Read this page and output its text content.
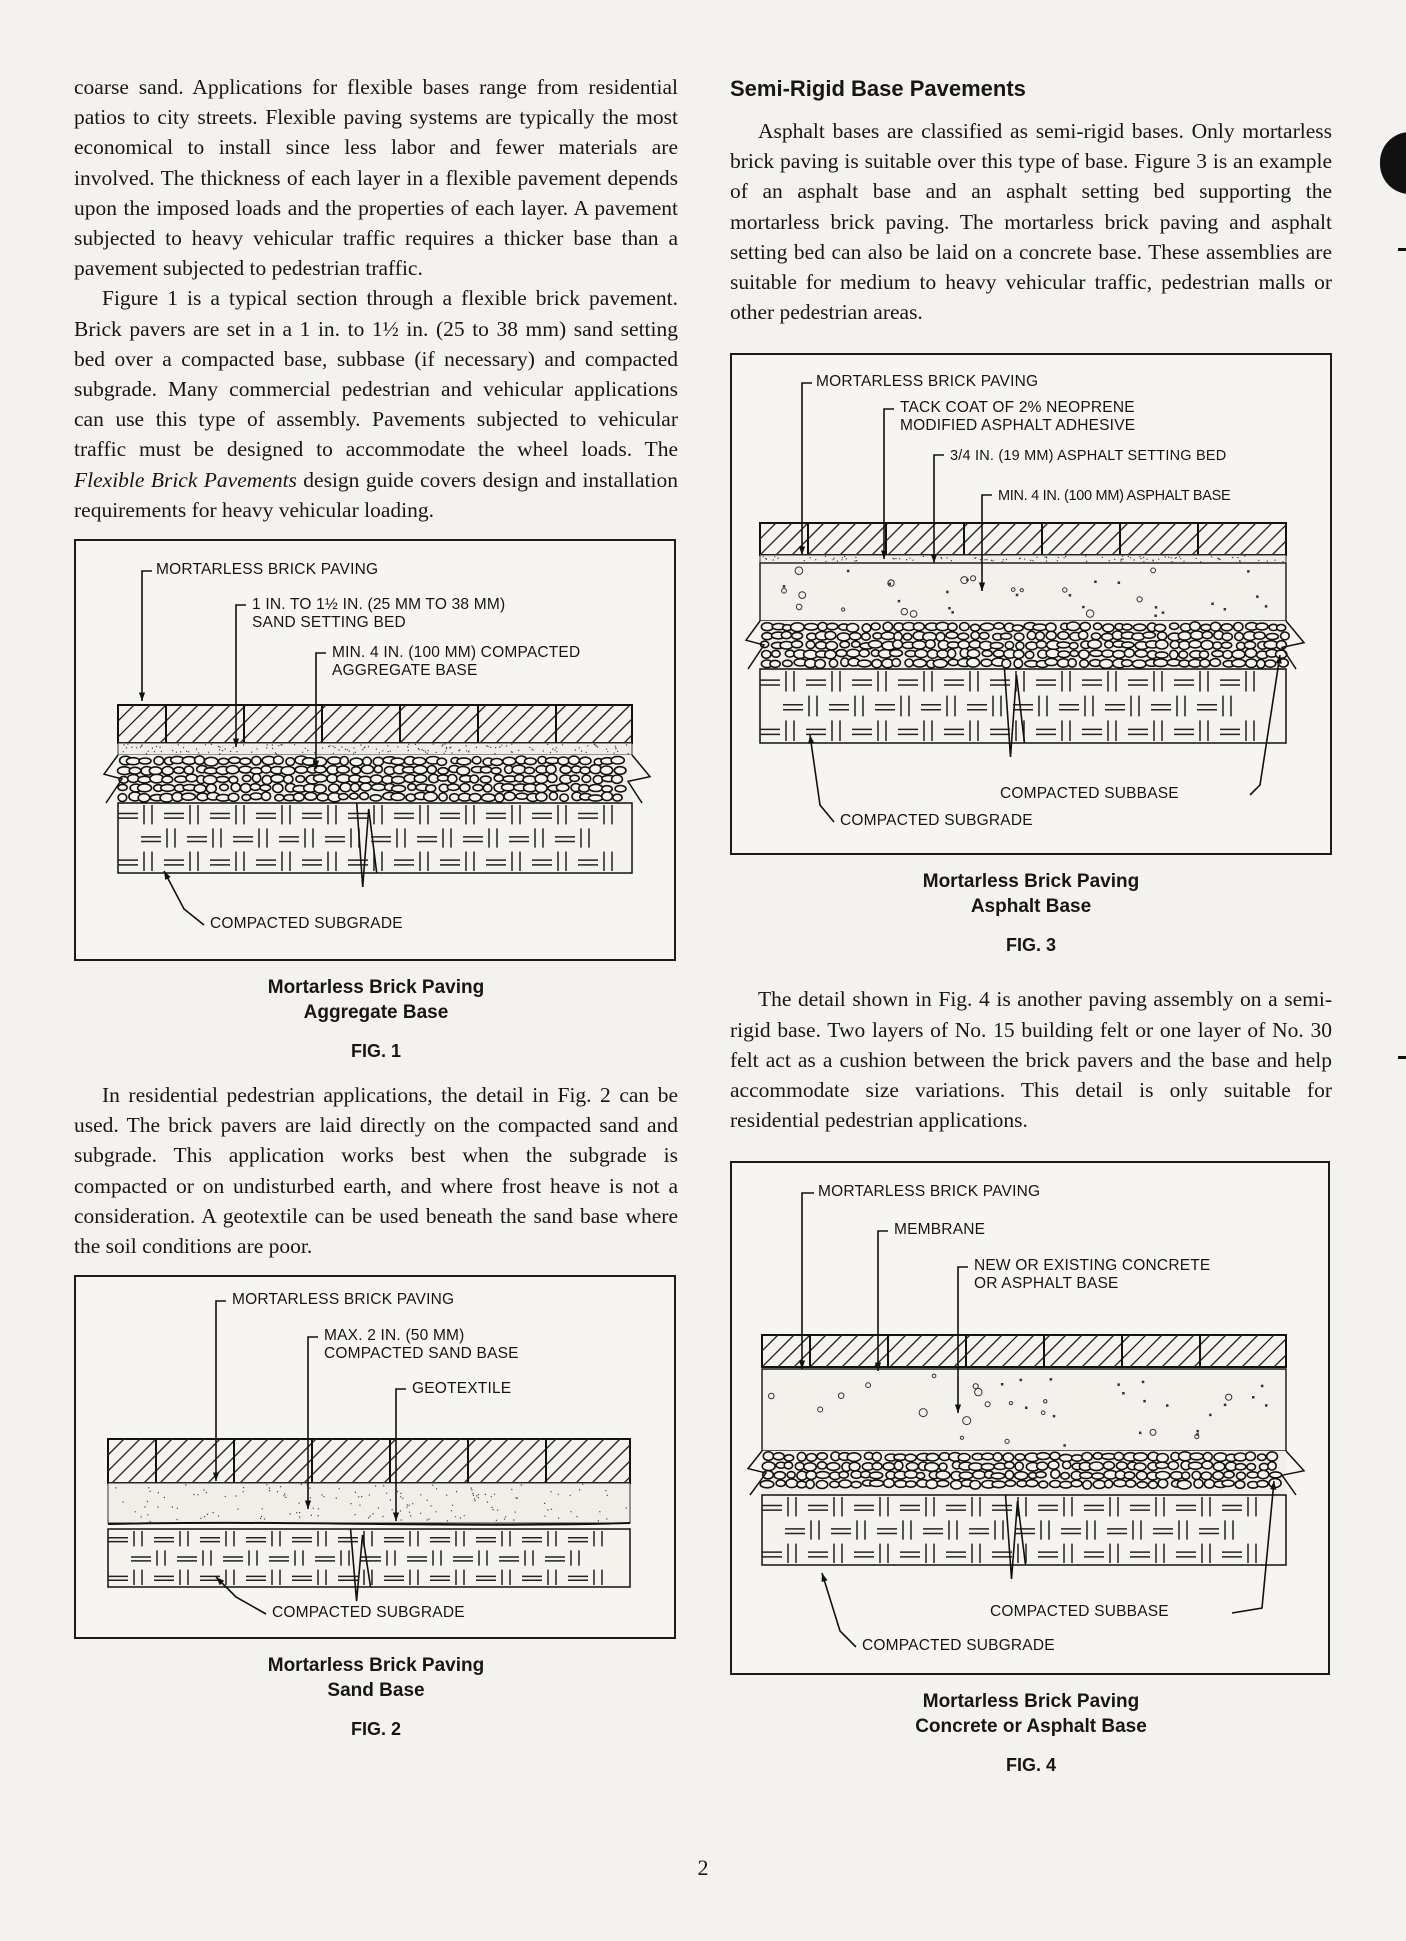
coarse sand. Applications for flexible bases range from residential patios to city streets. Flexible paving systems are typically the most economical to install since less labor and fewer materials are involved. The thickness of each layer in a flexible pavement depends upon the imposed loads and the properties of each layer. A pavement subjected to heavy vehicular traffic requires a thicker base than a pavement subjected to pedestrian traffic.

Figure 1 is a typical section through a flexible brick pavement. Brick pavers are set in a 1 in. to 1½ in. (25 to 38 mm) sand setting bed over a compacted base, subbase (if necessary) and compacted subgrade. Many commercial pedestrian and vehicular applications can use this type of assembly. Pavements subjected to vehicular traffic must be designed to accommodate the wheel loads. The Flexible Brick Pavements design guide covers design and installation requirements for heavy vehicular loading.

MORTARLESS BRICK PAVING
1 IN. TO 1½ IN. (25 MM TO 38 MM)
SAND SETTING BED
MIN. 4 IN. (100 MM) COMPACTED
AGGREGATE BASE
COMPACTED SUBGRADE
Mortarless Brick Paving
Aggregate Base
FIG. 1

In residential pedestrian applications, the detail in Fig. 2 can be used. The brick pavers are laid directly on the compacted sand and subgrade. This application works best when the subgrade is compacted or on undisturbed earth, and where frost heave is not a consideration. A geotextile can be used beneath the sand base where the soil conditions are poor.

MORTARLESS BRICK PAVING
MAX. 2 IN. (50 MM)
COMPACTED SAND BASE
GEOTEXTILE
COMPACTED SUBGRADE
Mortarless Brick Paving
Sand Base
FIG. 2
Semi-Rigid Base Pavements

Asphalt bases are classified as semi-rigid bases. Only mortarless brick paving is suitable over this type of base. Figure 3 is an example of an asphalt base and an asphalt setting bed supporting the mortarless brick paving. The mortarless brick paving and asphalt setting bed can also be laid on a concrete base. These assemblies are suitable for medium to heavy vehicular traffic, pedestrian malls or other pedestrian areas.

MORTARLESS BRICK PAVING
TACK COAT OF 2% NEOPRENE
MODIFIED ASPHALT ADHESIVE
3/4 IN. (19 MM) ASPHALT SETTING BED
MIN. 4 IN. (100 MM) ASPHALT BASE
COMPACTED SUBBASE
COMPACTED SUBGRADE
Mortarless Brick Paving
Asphalt Base
FIG. 3

The detail shown in Fig. 4 is another paving assembly on a semi-rigid base. Two layers of No. 15 building felt or one layer of No. 30 felt act as a cushion between the brick pavers and the base and help accommodate size variations. This detail is only suitable for residential pedestrian applications.

MORTARLESS BRICK PAVING
MEMBRANE
NEW OR EXISTING CONCRETE
OR ASPHALT BASE
COMPACTED SUBBASE
COMPACTED SUBGRADE
Mortarless Brick Paving
Concrete or Asphalt Base
FIG. 4
2
